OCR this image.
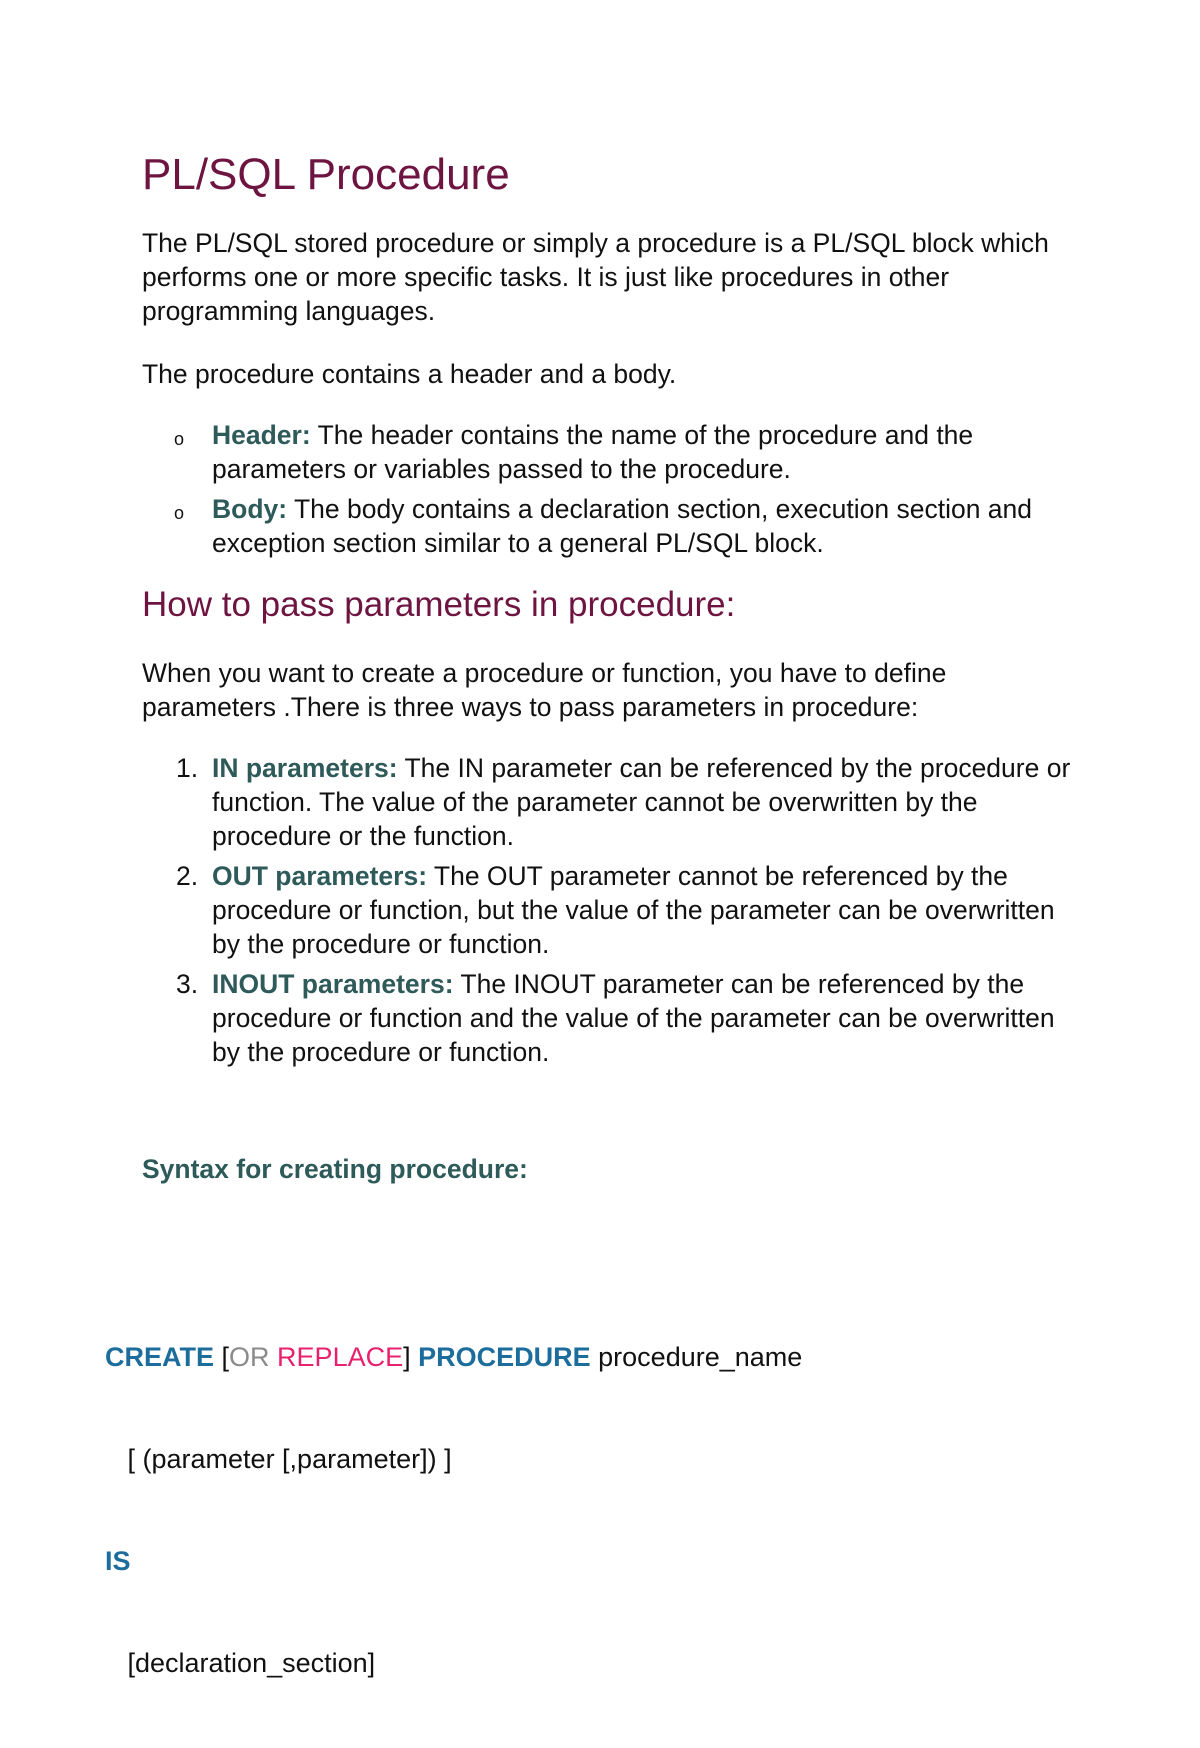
PL/SQL Procedure

The PL/SQL stored procedure or simply a procedure is a PL/SQL block which performs one or more specific tasks. It is just like procedures in other programming languages.

The procedure contains a header and a body.

o Header: The header contains the name of the procedure and the parameters or variables passed to the procedure.
o Body: The body contains a declaration section, execution section and exception section similar to a general PL/SQL block.
How to pass parameters in procedure:

When you want to create a procedure or function, you have to define parameters .There is three ways to pass parameters in procedure:

1. IN parameters: The IN parameter can be referenced by the procedure or function. The value of the parameter cannot be overwritten by the procedure or the function.
2. OUT parameters: The OUT parameter cannot be referenced by the procedure or function, but the value of the parameter can be overwritten by the procedure or function.
3. INOUT parameters: The INOUT parameter can be referenced by the procedure or function and the value of the parameter can be overwritten by the procedure or function.

Syntax for creating procedure:

CREATE [OR REPLACE] PROCEDURE procedure_name

[ (parameter [,parameter]) ]

IS

[declaration_section]
